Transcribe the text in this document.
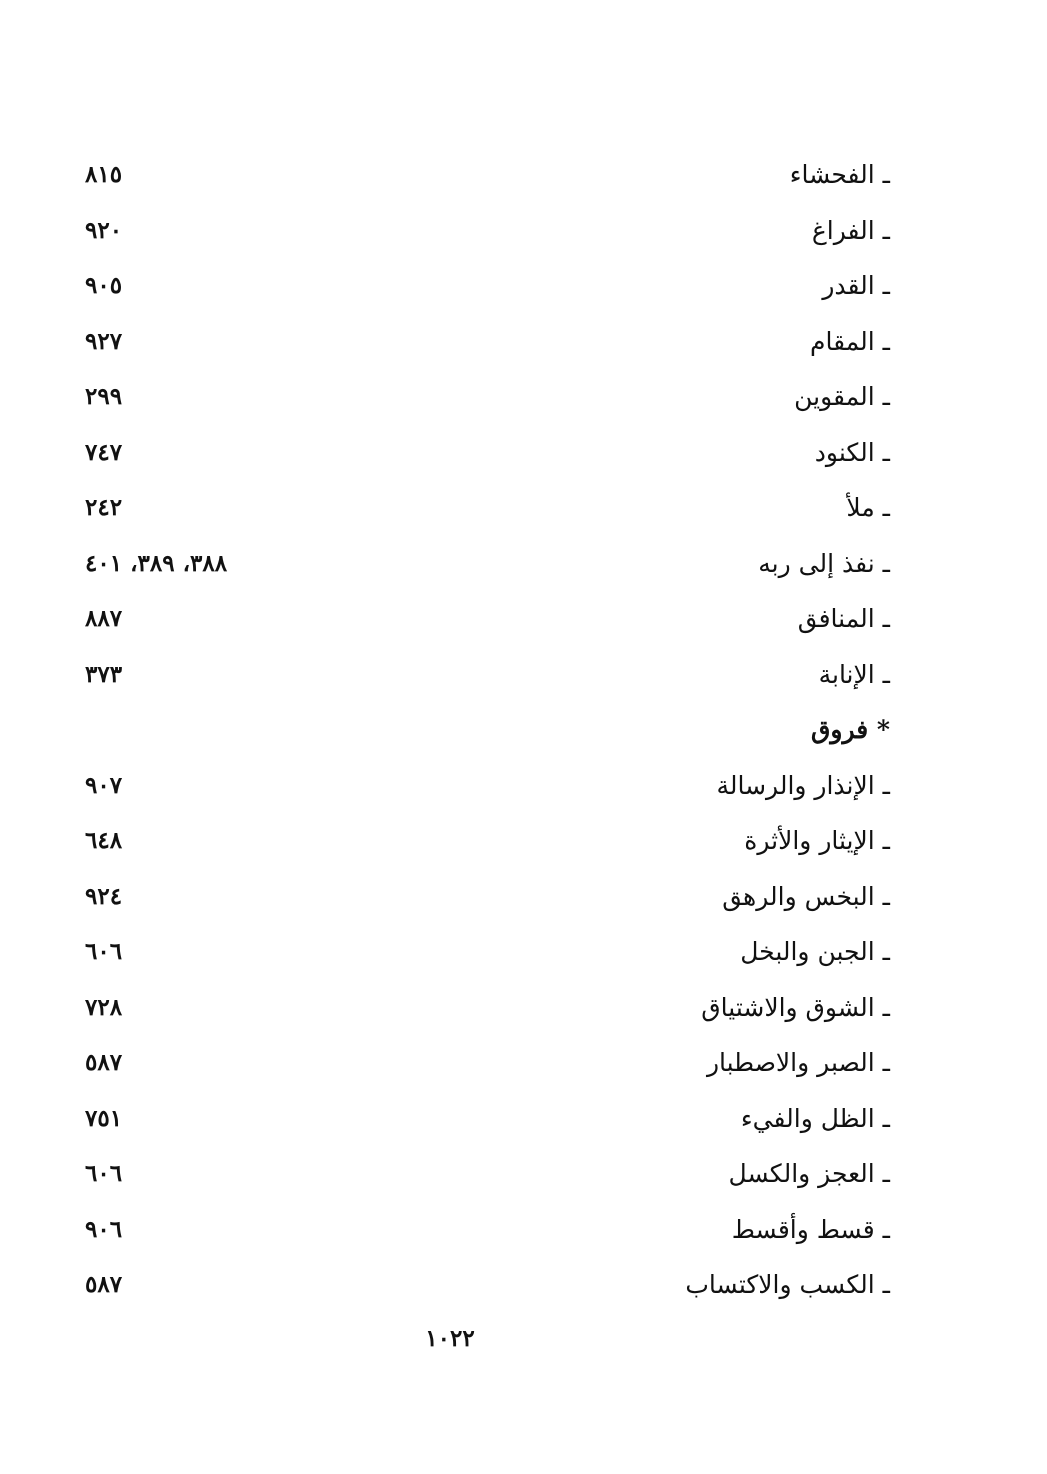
ـ الفحشاء
٨١٥
ـ الفراغ
٩٢٠
ـ القدر
٩٠٥
ـ المقام
٩٢٧
ـ المقوين
٢٩٩
ـ الكنود
٧٤٧
ـ ملأ
٢٤٢
ـ نفذ إلى ربه
٣٨٨، ٣٨٩، ٤٠١
ـ المنافق
٨٨٧
ـ الإنابة
٣٧٣
* فروق
ـ الإنذار والرسالة
٩٠٧
ـ الإيثار والأثرة
٦٤٨
ـ البخس والرهق
٩٢٤
ـ الجبن والبخل
٦٠٦
ـ الشوق والاشتياق
٧٢٨
ـ الصبر والاصطبار
٥٨٧
ـ الظل والفيء
٧٥١
ـ العجز والكسل
٦٠٦
ـ قسط وأقسط
٩٠٦
ـ الكسب والاكتساب
٥٨٧
١٠٢٢
